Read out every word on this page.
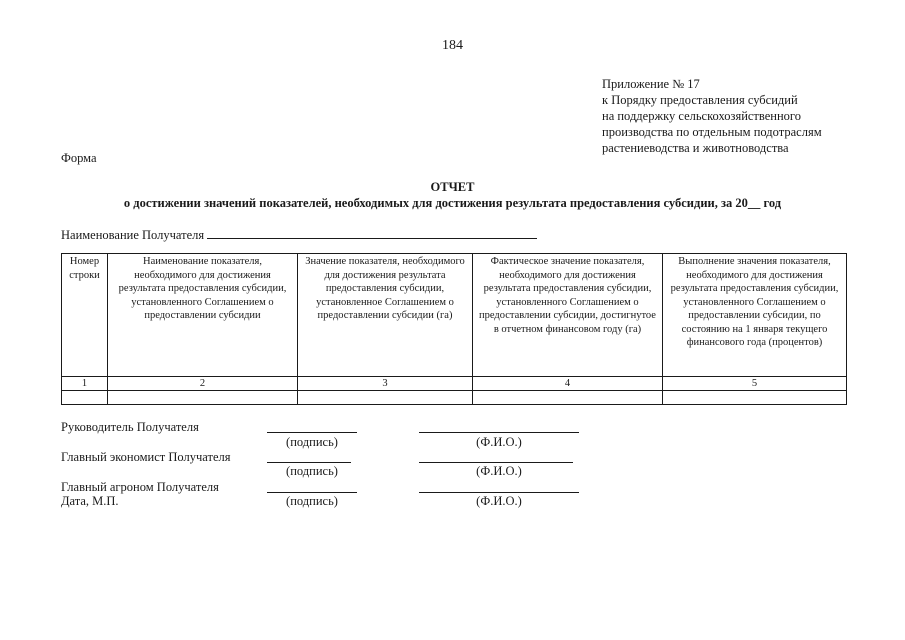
184
Приложение № 17
к Порядку предоставления субсидий
на поддержку сельскохозяйственного
производства по отдельным подотраслям
растениеводства и животноводства
Форма
ОТЧЕТ
о достижении значений показателей, необходимых для достижения результата предоставления субсидии, за 20__ год
Наименование Получателя
Номер строки	Наименование показателя, необходимого для достижения результата предоставления субсидии, установленного Соглашением о предоставлении субсидии	Значение показателя, необходимого для достижения результата предоставления субсидии, установленное Соглашением о предоставлении субсидии (га)	Фактическое значение показателя, необходимого для достижения результата предоставления субсидии, установленного Соглашением о предоставлении субсидии, достигнутое в отчетном финансовом году (га)	Выполнение значения показателя, необходимого для достижения результата предоставления субсидии, установленного Соглашением о предоставлении субсидии, по состоянию на 1 января текущего финансового года (процентов)
1	2	3	4	5

Руководитель Получателя
(подпись)	(Ф.И.О.)
Главный экономист Получателя
(подпись)	(Ф.И.О.)
Главный агроном Получателя
Дата, М.П.	(подпись)	(Ф.И.О.)
